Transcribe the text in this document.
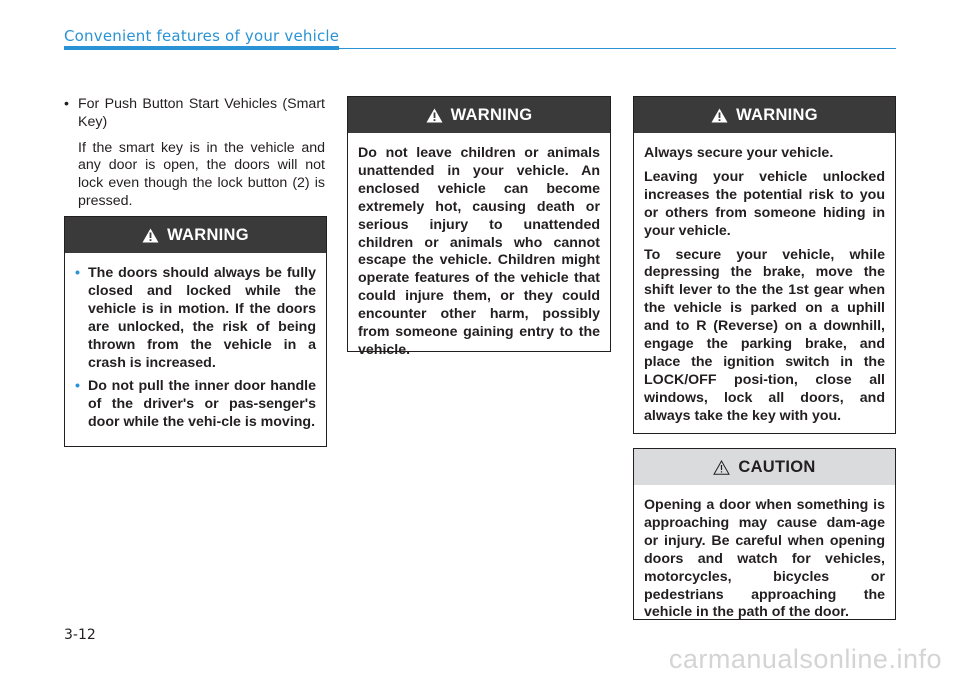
Convenient features of your vehicle
• For Push Button Start Vehicles (Smart Key)
If the smart key is in the vehicle and any door is open, the doors will not lock even though the lock button (2) is pressed.
WARNING
• The doors should always be fully closed and locked while the vehicle is in motion. If the doors are unlocked, the risk of being thrown from the vehicle in a crash is increased.
• Do not pull the inner door handle of the driver's or pas-senger's door while the vehi-cle is moving.
WARNING

Do not leave children or animals unattended in your vehicle. An enclosed vehicle can become extremely hot, causing death or serious injury to unattended children or animals who cannot escape the vehicle. Children might operate features of the vehicle that could injure them, or they could encounter other harm, possibly from someone gaining entry to the vehicle.

WARNING

Always secure your vehicle.

Leaving your vehicle unlocked increases the potential risk to you or others from someone hiding in your vehicle.

To secure your vehicle, while depressing the brake, move the shift lever to the the 1st gear when the vehicle is parked on a uphill and to R (Reverse) on a downhill, engage the parking brake, and place the ignition switch in the LOCK/OFF posi-tion, close all windows, lock all doors, and always take the key with you.

CAUTION

Opening a door when something is approaching may cause dam-age or injury. Be careful when opening doors and watch for vehicles, motorcycles, bicycles or pedestrians approaching the vehicle in the path of the door.

3-12
carmanualsonline.info
